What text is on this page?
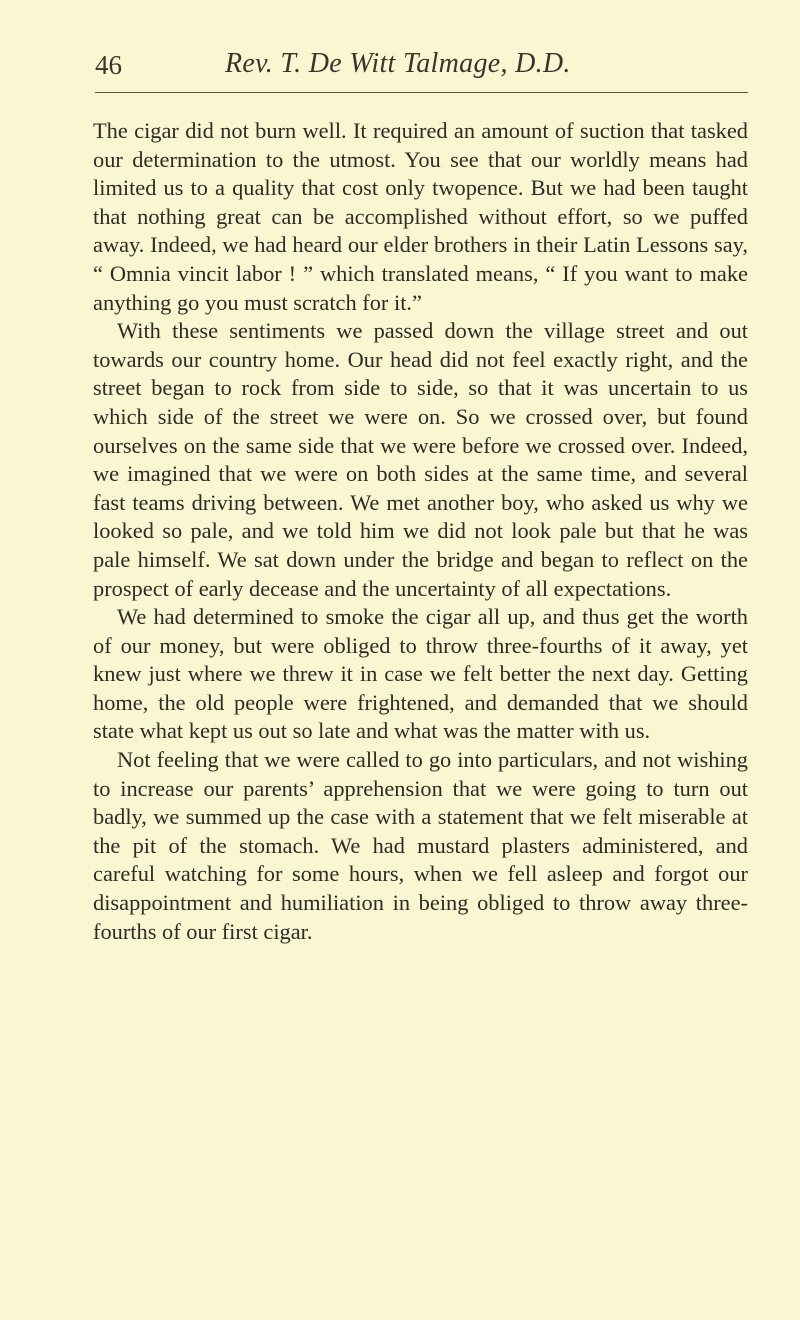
46	Rev. T. De Witt Talmage, D.D.

The cigar did not burn well. It required an amount of suction that tasked our determination to the utmost. You see that our worldly means had limited us to a quality that cost only twopence. But we had been taught that nothing great can be accomplished without effort, so we puffed away. Indeed, we had heard our elder brothers in their Latin Lessons say, “ Omnia vincit labor ! ” which translated means, “ If you want to make anything go you must scratch for it.”

With these sentiments we passed down the village street and out towards our country home. Our head did not feel exactly right, and the street began to rock from side to side, so that it was uncertain to us which side of the street we were on. So we crossed over, but found ourselves on the same side that we were before we crossed over. Indeed, we imagined that we were on both sides at the same time, and several fast teams driving between. We met another boy, who asked us why we looked so pale, and we told him we did not look pale but that he was pale himself. We sat down under the bridge and began to reflect on the prospect of early decease and the uncertainty of all expectations.

We had determined to smoke the cigar all up, and thus get the worth of our money, but were obliged to throw three-fourths of it away, yet knew just where we threw it in case we felt better the next day. Getting home, the old people were frightened, and demanded that we should state what kept us out so late and what was the matter with us.

Not feeling that we were called to go into particulars, and not wishing to increase our parents’ apprehension that we were going to turn out badly, we summed up the case with a statement that we felt miserable at the pit of the stomach. We had mustard plasters administered, and careful watching for some hours, when we fell asleep and forgot our disappointment and humiliation in being obliged to throw away three-fourths of our first cigar.
